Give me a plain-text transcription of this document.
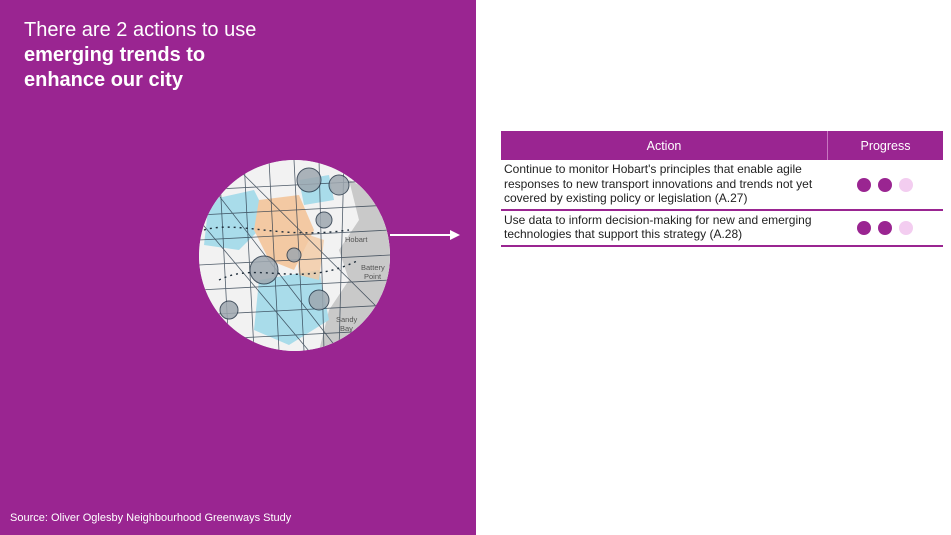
There are 2 actions to use emerging trends to enhance our city
Hobart
Battery
Point
Sandy
Bay
Source: Oliver Oglesby Neighbourhood Greenways Study
Action	Progress
Continue to monitor Hobart's principles that enable agile responses to new transport innovations and trends not yet covered by existing policy or legislation (A.27)	
Use data to inform decision-making for new and emerging technologies that support this strategy (A.28)	
